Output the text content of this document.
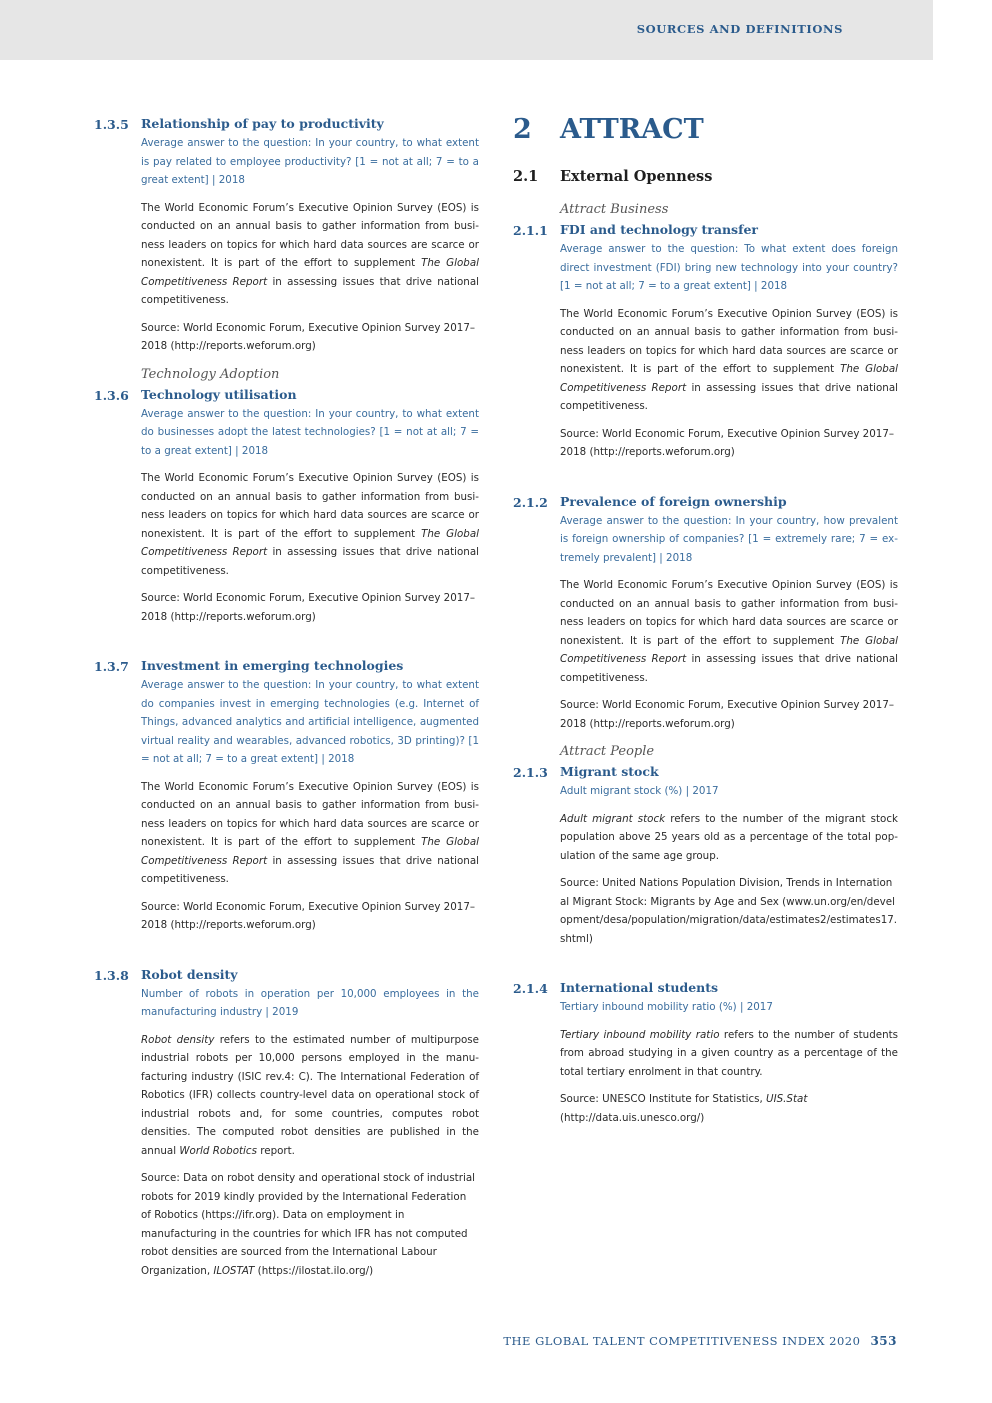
SOURCES AND DEFINITIONS
1.3.5 Relationship of pay to productivity

Average answer to the question: In your country, to what extent is pay related to employee productivity? [1 = not at all; 7 = to a great extent] | 2018

The World Economic Forum’s Executive Opinion Survey (EOS) is conducted on an annual basis to gather information from business leaders on topics for which hard data sources are scarce or nonexistent. It is part of the effort to supplement The Global Competitiveness Report in assessing issues that drive national competitiveness.

Source: World Economic Forum, Executive Opinion Survey 2017–2018 (http://reports.weforum.org)

Technology Adoption
1.3.6 Technology utilisation

Average answer to the question: In your country, to what extent do businesses adopt the latest technologies? [1 = not at all; 7 = to a great extent] | 2018

The World Economic Forum’s Executive Opinion Survey (EOS) is conducted on an annual basis to gather information from business leaders on topics for which hard data sources are scarce or nonexistent. It is part of the effort to supplement The Global Competitiveness Report in assessing issues that drive national competitiveness.

Source: World Economic Forum, Executive Opinion Survey 2017–2018 (http://reports.weforum.org)

1.3.7 Investment in emerging technologies

Average answer to the question: In your country, to what extent do companies invest in emerging technologies (e.g. Internet of Things, advanced analytics and artificial intelligence, augmented virtual reality and wearables, advanced robotics, 3D printing)? [1 = not at all; 7 = to a great extent] | 2018

The World Economic Forum’s Executive Opinion Survey (EOS) is conducted on an annual basis to gather information from business leaders on topics for which hard data sources are scarce or nonexistent. It is part of the effort to supplement The Global Competitiveness Report in assessing issues that drive national competitiveness.

Source: World Economic Forum, Executive Opinion Survey 2017–2018 (http://reports.weforum.org)

1.3.8 Robot density

Number of robots in operation per 10,000 employees in the manufacturing industry | 2019

Robot density refers to the estimated number of multipurpose industrial robots per 10,000 persons employed in the manufacturing industry (ISIC rev.4: C). The International Federation of Robotics (IFR) collects country-level data on operational stock of industrial robots and, for some countries, computes robot densities. The computed robot densities are published in the annual World Robotics report.

Source: Data on robot density and operational stock of industrial robots for 2019 kindly provided by the International Federation of Robotics (https://ifr.org). Data on employment in manufacturing in the countries for which IFR has not computed robot densities are sourced from the International Labour Organization, ILOSTAT (https://ilostat.ilo.org/)

2 ATTRACT
2.1 External Openness
Attract Business
2.1.1 FDI and technology transfer

Average answer to the question: To what extent does foreign direct investment (FDI) bring new technology into your country? [1 = not at all; 7 = to a great extent] | 2018

The World Economic Forum’s Executive Opinion Survey (EOS) is conducted on an annual basis to gather information from business leaders on topics for which hard data sources are scarce or nonexistent. It is part of the effort to supplement The Global Competitiveness Report in assessing issues that drive national competitiveness.

Source: World Economic Forum, Executive Opinion Survey 2017–2018 (http://reports.weforum.org)

2.1.2 Prevalence of foreign ownership

Average answer to the question: In your country, how prevalent is foreign ownership of companies? [1 = extremely rare; 7 = extremely prevalent] | 2018

The World Economic Forum’s Executive Opinion Survey (EOS) is conducted on an annual basis to gather information from business leaders on topics for which hard data sources are scarce or nonexistent. It is part of the effort to supplement The Global Competitiveness Report in assessing issues that drive national competitiveness.

Source: World Economic Forum, Executive Opinion Survey 2017–2018 (http://reports.weforum.org)

Attract People
2.1.3 Migrant stock

Adult migrant stock (%) | 2017

Adult migrant stock refers to the number of the migrant stock population above 25 years old as a percentage of the total population of the same age group.

Source: United Nations Population Division, Trends in International Migrant Stock: Migrants by Age and Sex (www.un.org/en/development/desa/population/migration/data/estimates2/estimates17.shtml)

2.1.4 International students

Tertiary inbound mobility ratio (%) | 2017

Tertiary inbound mobility ratio refers to the number of students from abroad studying in a given country as a percentage of the total tertiary enrolment in that country.

Source: UNESCO Institute for Statistics, UIS.Stat (http://data.uis.unesco.org/)

THE GLOBAL TALENT COMPETITIVENESS INDEX 2020 353
